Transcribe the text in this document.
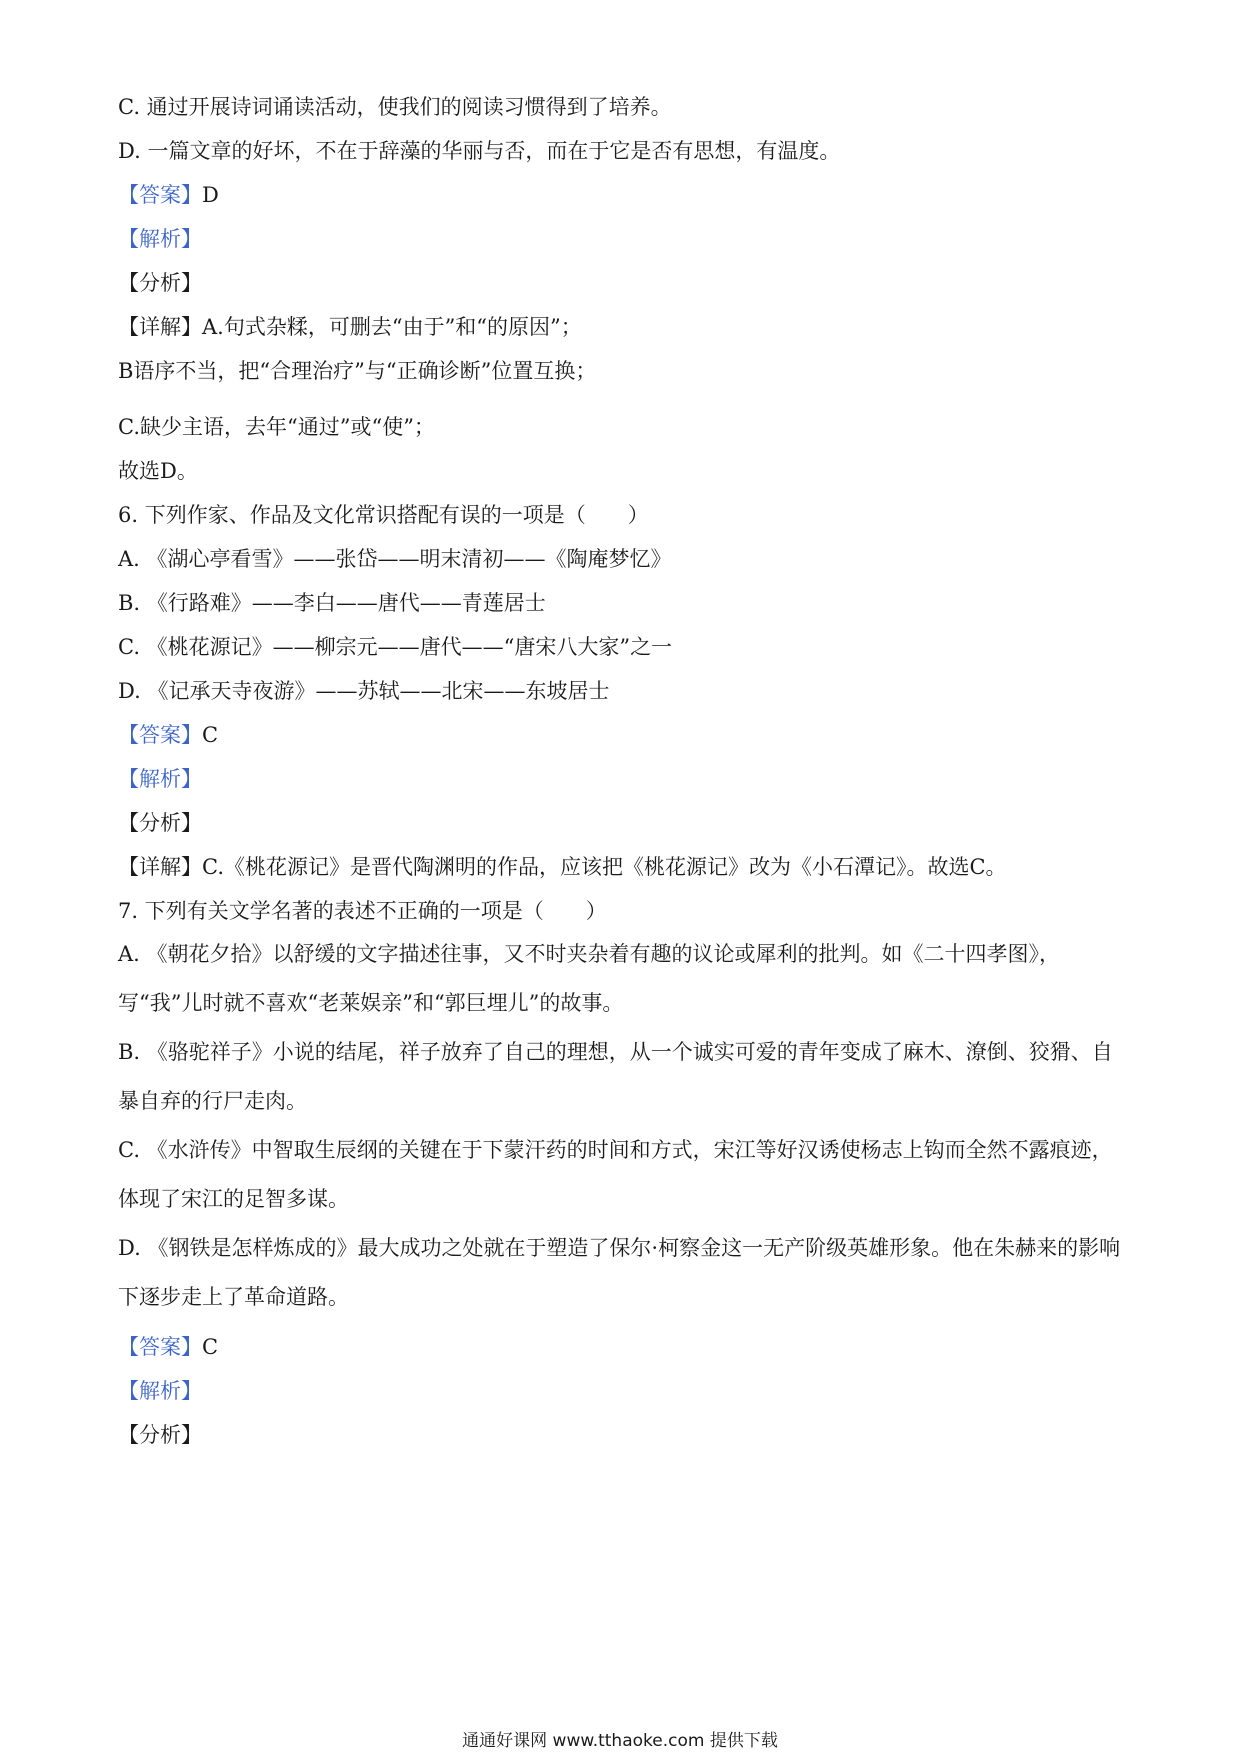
C. 通过开展诗词诵读活动，使我们的阅读习惯得到了培养。
D. 一篇文章的好坏，不在于辞藻的华丽与否，而在于它是否有思想，有温度。
【答案】D
【解析】
【分析】
【详解】A.句式杂糅，可删去“由于”和“的原因”；
B语序不当，把“合理治疗”与“正确诊断”位置互换；
C.缺少主语，去年“通过”或“使”；
故选D。
6. 下列作家、作品及文化常识搭配有误的一项是（　　）
A. 《湖心亭看雪》——张岱——明末清初——《陶庵梦忆》
B. 《行路难》——李白——唐代——青莲居士
C. 《桃花源记》——柳宗元——唐代——“唐宋八大家”之一
D. 《记承天寺夜游》——苏轼——北宋——东坡居士
【答案】C
【解析】
【分析】
【详解】C.《桃花源记》是晋代陶渊明的作品，应该把《桃花源记》改为《小石潭记》。故选C。
7. 下列有关文学名著的表述不正确的一项是（　　）
A. 《朝花夕拾》以舒缓的文字描述往事，又不时夹杂着有趣的议论或犀利的批判。如《二十四孝图》，写“我”儿时就不喜欢“老莱娱亲”和“郭巨埋儿”的故事。
B. 《骆驼祥子》小说的结尾，祥子放弃了自己的理想，从一个诚实可爱的青年变成了麻木、潦倒、狡猾、自暴自弃的行尸走肉。
C. 《水浒传》中智取生辰纲的关键在于下蒙汗药的时间和方式，宋江等好汉诱使杨志上钩而全然不露痕迹，体现了宋江的足智多谋。
D. 《钢铁是怎样炼成的》最大成功之处就在于塑造了保尔·柯察金这一无产阶级英雄形象。他在朱赫来的影响下逐步走上了革命道路。
【答案】C
【解析】
【分析】
通通好课网 www.tthaoke.com 提供下载
